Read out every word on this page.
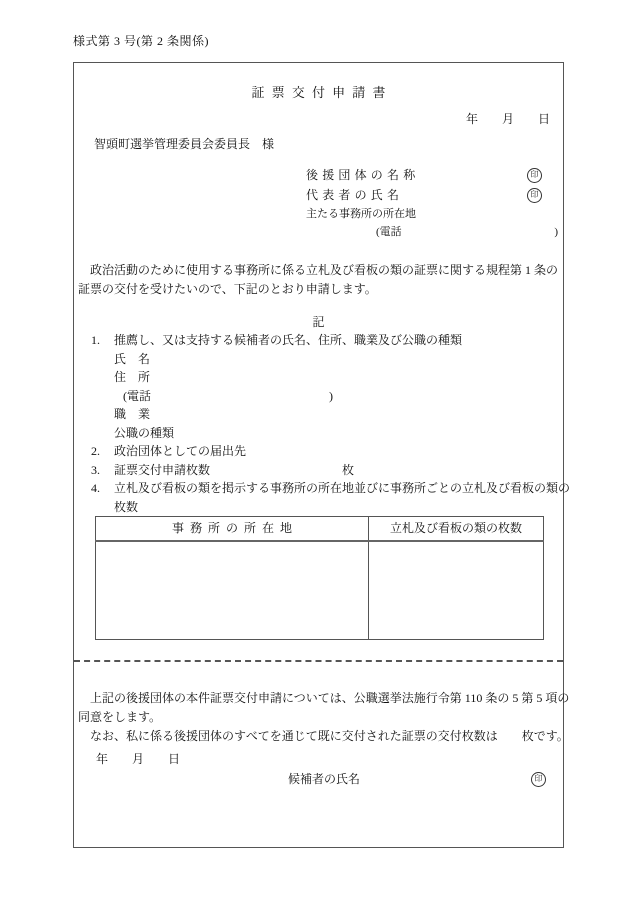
様式第 3 号(第 2 条関係)
証票交付申請書
年 月 日
智頭町選挙管理委員会委員長　様
後援団体の名称	印
代表者の氏名	印
主たる事務所の所在地
(電話	)
　政治活動のために使用する事務所に係る立札及び看板の類の証票に関する規程第 1 条の
証票の交付を受けたいので、下記のとおり申請します。
記
1.	推薦し、又は支持する候補者の氏名、住所、職業及び公職の種類
氏　名
住　所
(電話	)
職　業
公職の種類
2.	政治団体としての届出先
3.	証票交付申請枚数	枚
4.	立札及び看板の類を掲示する事務所の所在地並びに事務所ごとの立札及び看板の類の
枚数
事務所の所在地	立札及び看板の類の枚数

　上記の後援団体の本件証票交付申請については、公職選挙法施行令第 110 条の 5 第 5 項の
同意をします。
　なお、私に係る後援団体のすべてを通じて既に交付された証票の交付枚数は　　枚です。
年 月 日
候補者の氏名	印
